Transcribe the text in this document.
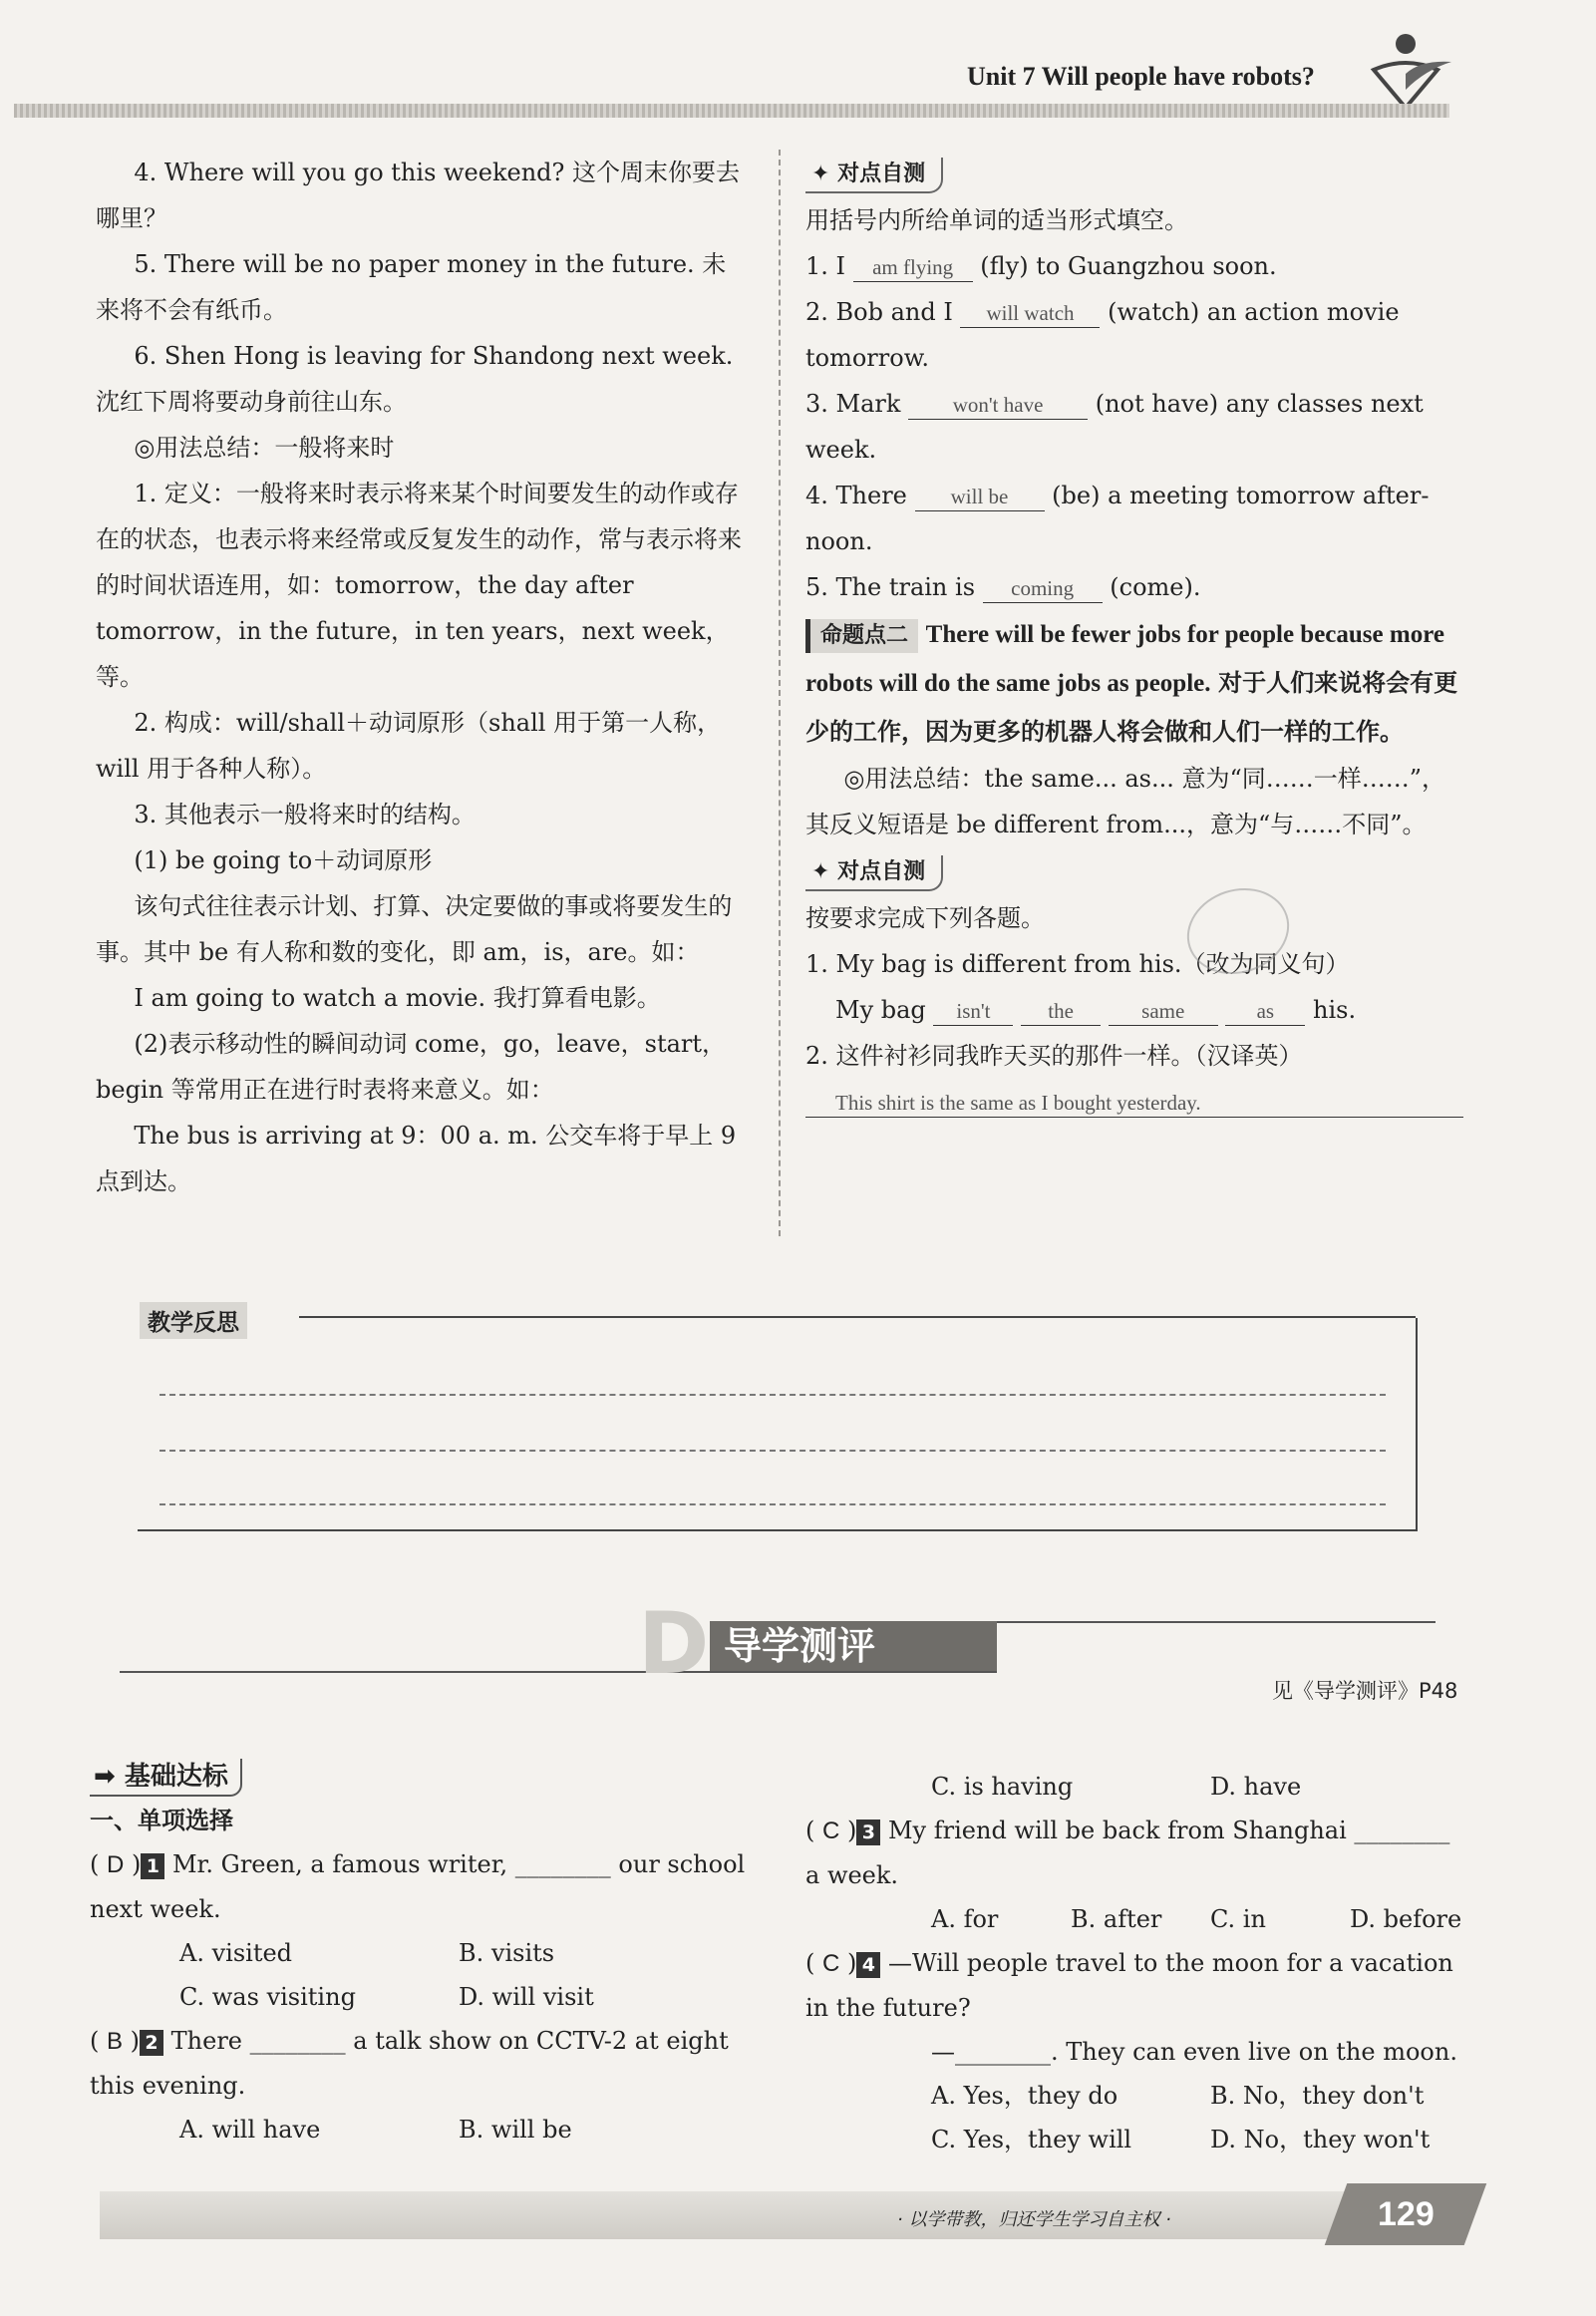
Unit 7 Will people have robots?

4. Where will you go this weekend? 这个周末你要去哪里？

5. There will be no paper money in the future. 未来将不会有纸币。

6. Shen Hong is leaving for Shandong next week. 沈红下周将要动身前往山东。

◎用法总结：一般将来时

1. 定义：一般将来时表示将来某个时间要发生的动作或存在的状态，也表示将来经常或反复发生的动作，常与表示将来的时间状语连用，如：tomorrow，the day after tomorrow，in the future，in ten years，next week，等。

2. 构成：will/shall＋动词原形（shall 用于第一人称，will 用于各种人称）。

3. 其他表示一般将来时的结构。

(1) be going to＋动词原形

该句式往往表示计划、打算、决定要做的事或将要发生的事。其中 be 有人称和数的变化，即 am，is，are。如：

I am going to watch a movie. 我打算看电影。

(2)表示移动性的瞬间动词 come，go，leave，start，begin 等常用正在进行时表将来意义。如：

The bus is arriving at 9：00 a. m. 公交车将于早上 9 点到达。

✦ 对点自测

用括号内所给单词的适当形式填空。

1. I am flying (fly) to Guangzhou soon.

2. Bob and I will watch (watch) an action movie tomorrow.

3. Mark won't have (not have) any classes next week.

4. There will be (be) a meeting tomorrow after-noon.

5. The train is coming (come).

命题点二 There will be fewer jobs for people because more robots will do the same jobs as people. 对于人们来说将会有更少的工作，因为更多的机器人将会做和人们一样的工作。

◎用法总结：the same... as... 意为“同……一样……”，其反义短语是 be different from...，意为“与……不同”。

✦ 对点自测

按要求完成下列各题。

1. My bag is different from his.（改为同义句）

My bag isn't	the	same	as his.

2. 这件衬衫同我昨天买的那件一样。（汉译英）

This shirt is the same as I bought yesterday.

教学反思
D 导学测评
见《导学测评》P48

➡ 基础达标

一、单项选择

( D ) 1 Mr. Green, a famous writer, ________ our school next week.

A. visited	B. visits
C. was visiting	D. will visit

( B ) 2 There ________ a talk show on CCTV-2 at eight this evening.

A. will have	B. will be
C. is having	D. have

( C ) 3 My friend will be back from Shanghai ________ a week.

A. for	B. after	C. in	D. before

( C ) 4 —Will people travel to the moon for a vacation in the future?

—________. They can even live on the moon.

A. Yes，they do	B. No，they don't
C. Yes，they will	D. No，they won't
· 以学带教，归还学生学习自主权 ·	129
